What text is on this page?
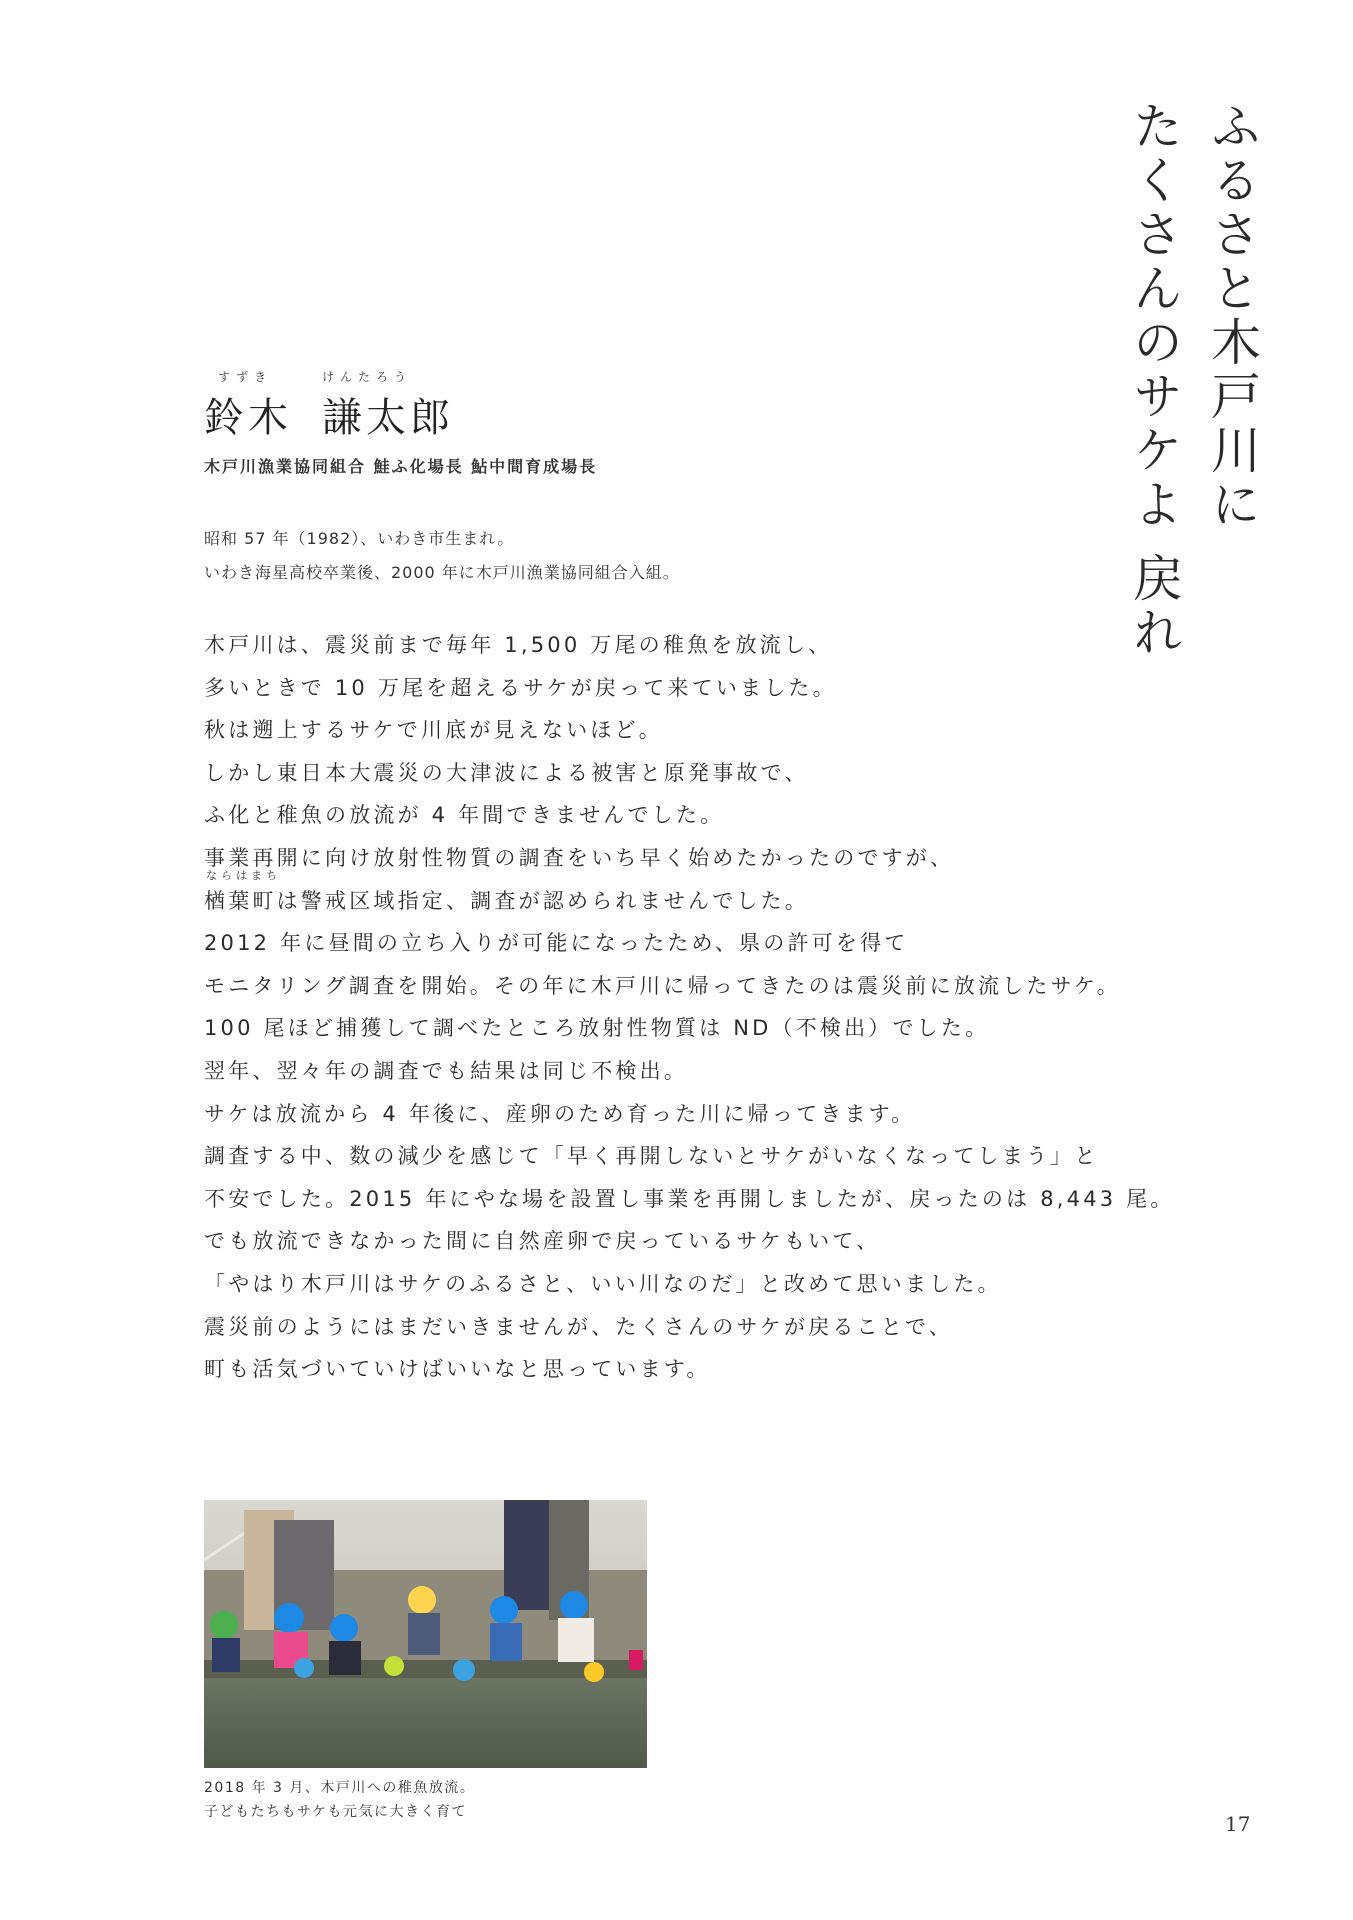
ふるさと木戸川に
たくさんのサケよ 戻れ
すずき	けんたろう
鈴木 謙太郎
木戸川漁業協同組合 鮭ふ化場長 鮎中間育成場長
昭和 57 年（1982）、いわき市生まれ。
いわき海星高校卒業後、2000 年に木戸川漁業協同組合入組。

木戸川は、震災前まで毎年 1,500 万尾の稚魚を放流し、

多いときで 10 万尾を超えるサケが戻って来ていました。

秋は遡上するサケで川底が見えないほど。

しかし東日本大震災の大津波による被害と原発事故で、

ふ化と稚魚の放流が 4 年間できませんでした。

事業再開に向け放射性物質の調査をいち早く始めたかったのですが、

ならはまち
楢葉町は警戒区域指定、調査が認められませんでした。

2012 年に昼間の立ち入りが可能になったため、県の許可を得て

モニタリング調査を開始。その年に木戸川に帰ってきたのは震災前に放流したサケ。

100 尾ほど捕獲して調べたところ放射性物質は ND（不検出）でした。

翌年、翌々年の調査でも結果は同じ不検出。

サケは放流から 4 年後に、産卵のため育った川に帰ってきます。

調査する中、数の減少を感じて「早く再開しないとサケがいなくなってしまう」と

不安でした。2015 年にやな場を設置し事業を再開しましたが、戻ったのは 8,443 尾。

でも放流できなかった間に自然産卵で戻っているサケもいて、

「やはり木戸川はサケのふるさと、いい川なのだ」と改めて思いました。

震災前のようにはまだいきませんが、たくさんのサケが戻ることで、

町も活気づいていけばいいなと思っています。

2018 年 3 月、木戸川への稚魚放流。
子どもたちもサケも元気に大きく育て	17
